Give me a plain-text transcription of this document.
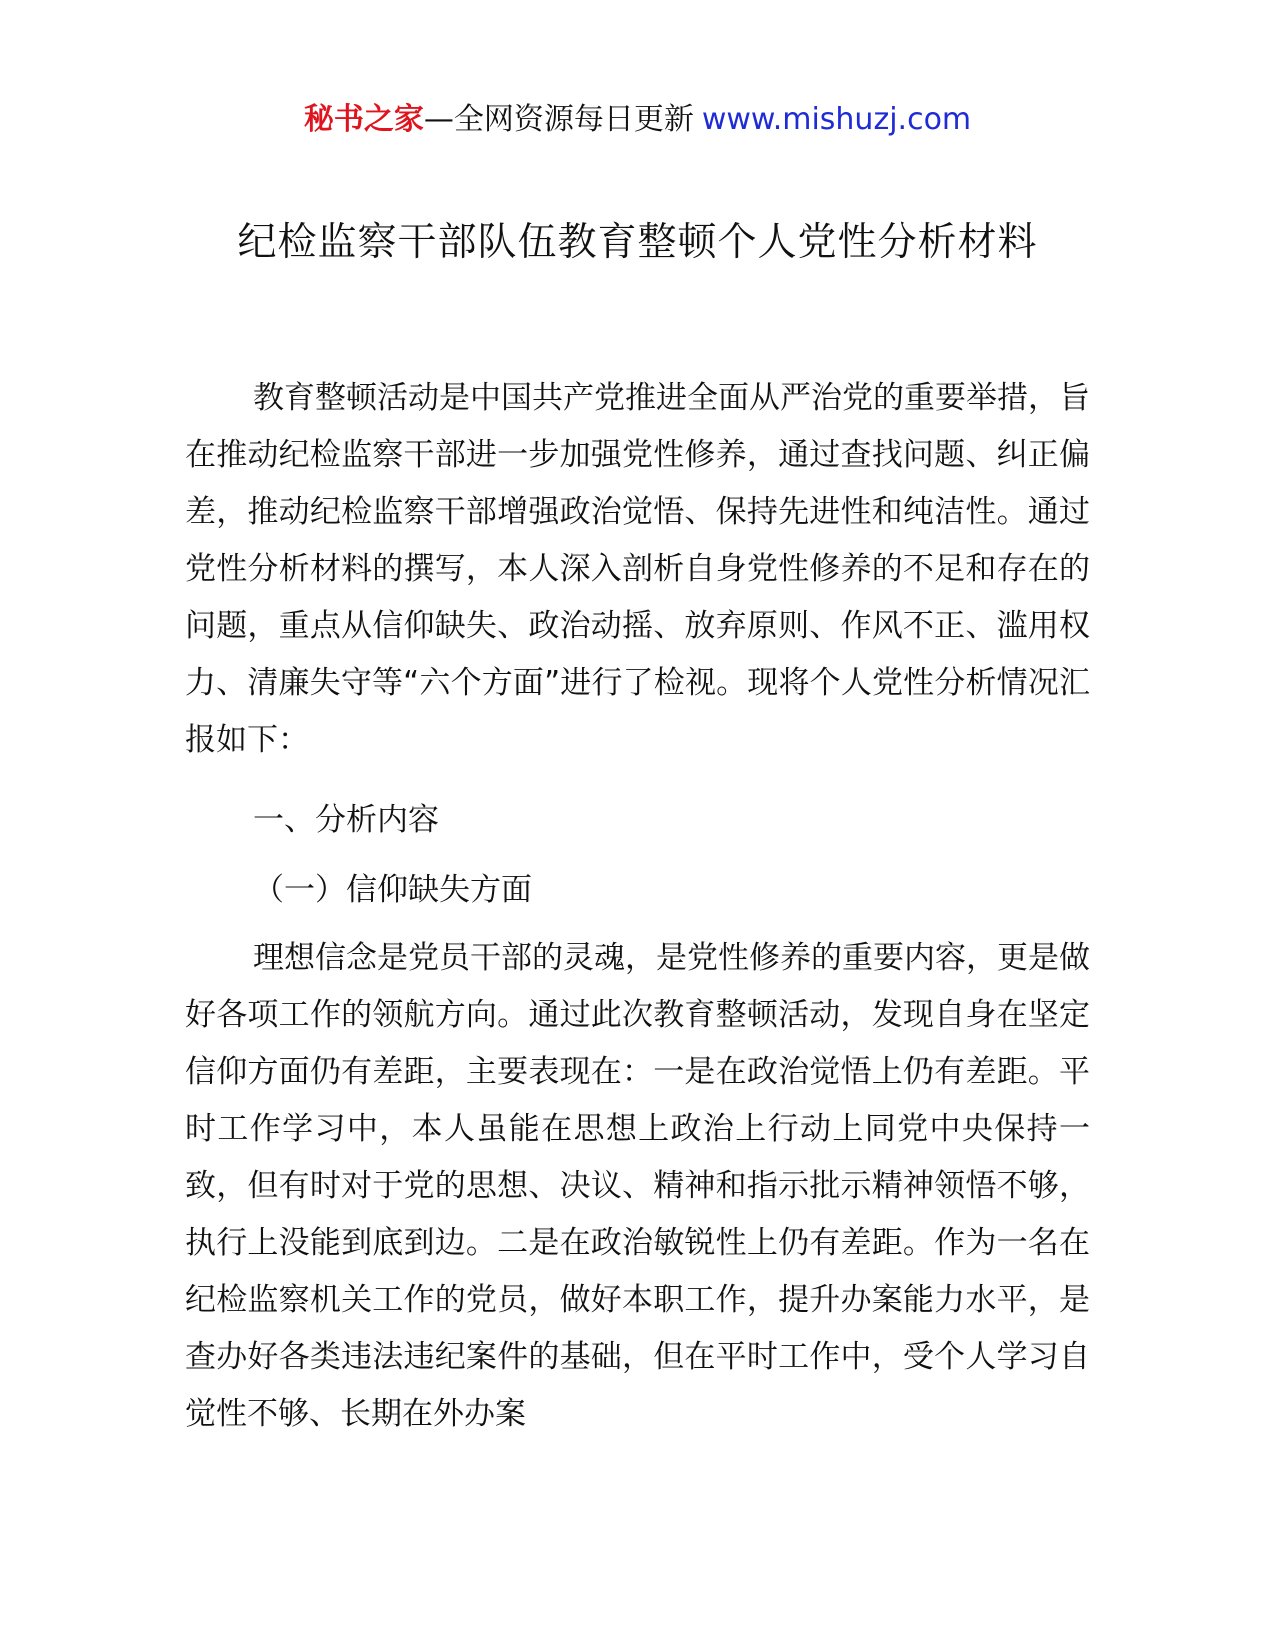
秘书之家—全网资源每日更新 www.mishuzj.com
纪检监察干部队伍教育整顿个人党性分析材料
教育整顿活动是中国共产党推进全面从严治党的重要举措，旨在推动纪检监察干部进一步加强党性修养，通过查找问题、纠正偏差，推动纪检监察干部增强政治觉悟、保持先进性和纯洁性。通过党性分析材料的撰写，本人深入剖析自身党性修养的不足和存在的问题，重点从信仰缺失、政治动摇、放弃原则、作风不正、滥用权力、清廉失守等“六个方面”进行了检视。现将个人党性分析情况汇报如下：
一、分析内容
（一）信仰缺失方面
理想信念是党员干部的灵魂，是党性修养的重要内容，更是做好各项工作的领航方向。通过此次教育整顿活动，发现自身在坚定信仰方面仍有差距，主要表现在：一是在政治觉悟上仍有差距。平时工作学习中，本人虽能在思想上政治上行动上同党中央保持一致，但有时对于党的思想、决议、精神和指示批示精神领悟不够，执行上没能到底到边。二是在政治敏锐性上仍有差距。作为一名在纪检监察机关工作的党员，做好本职工作，提升办案能力水平，是查办好各类违法违纪案件的基础，但在平时工作中，受个人学习自觉性不够、长期在外办案
